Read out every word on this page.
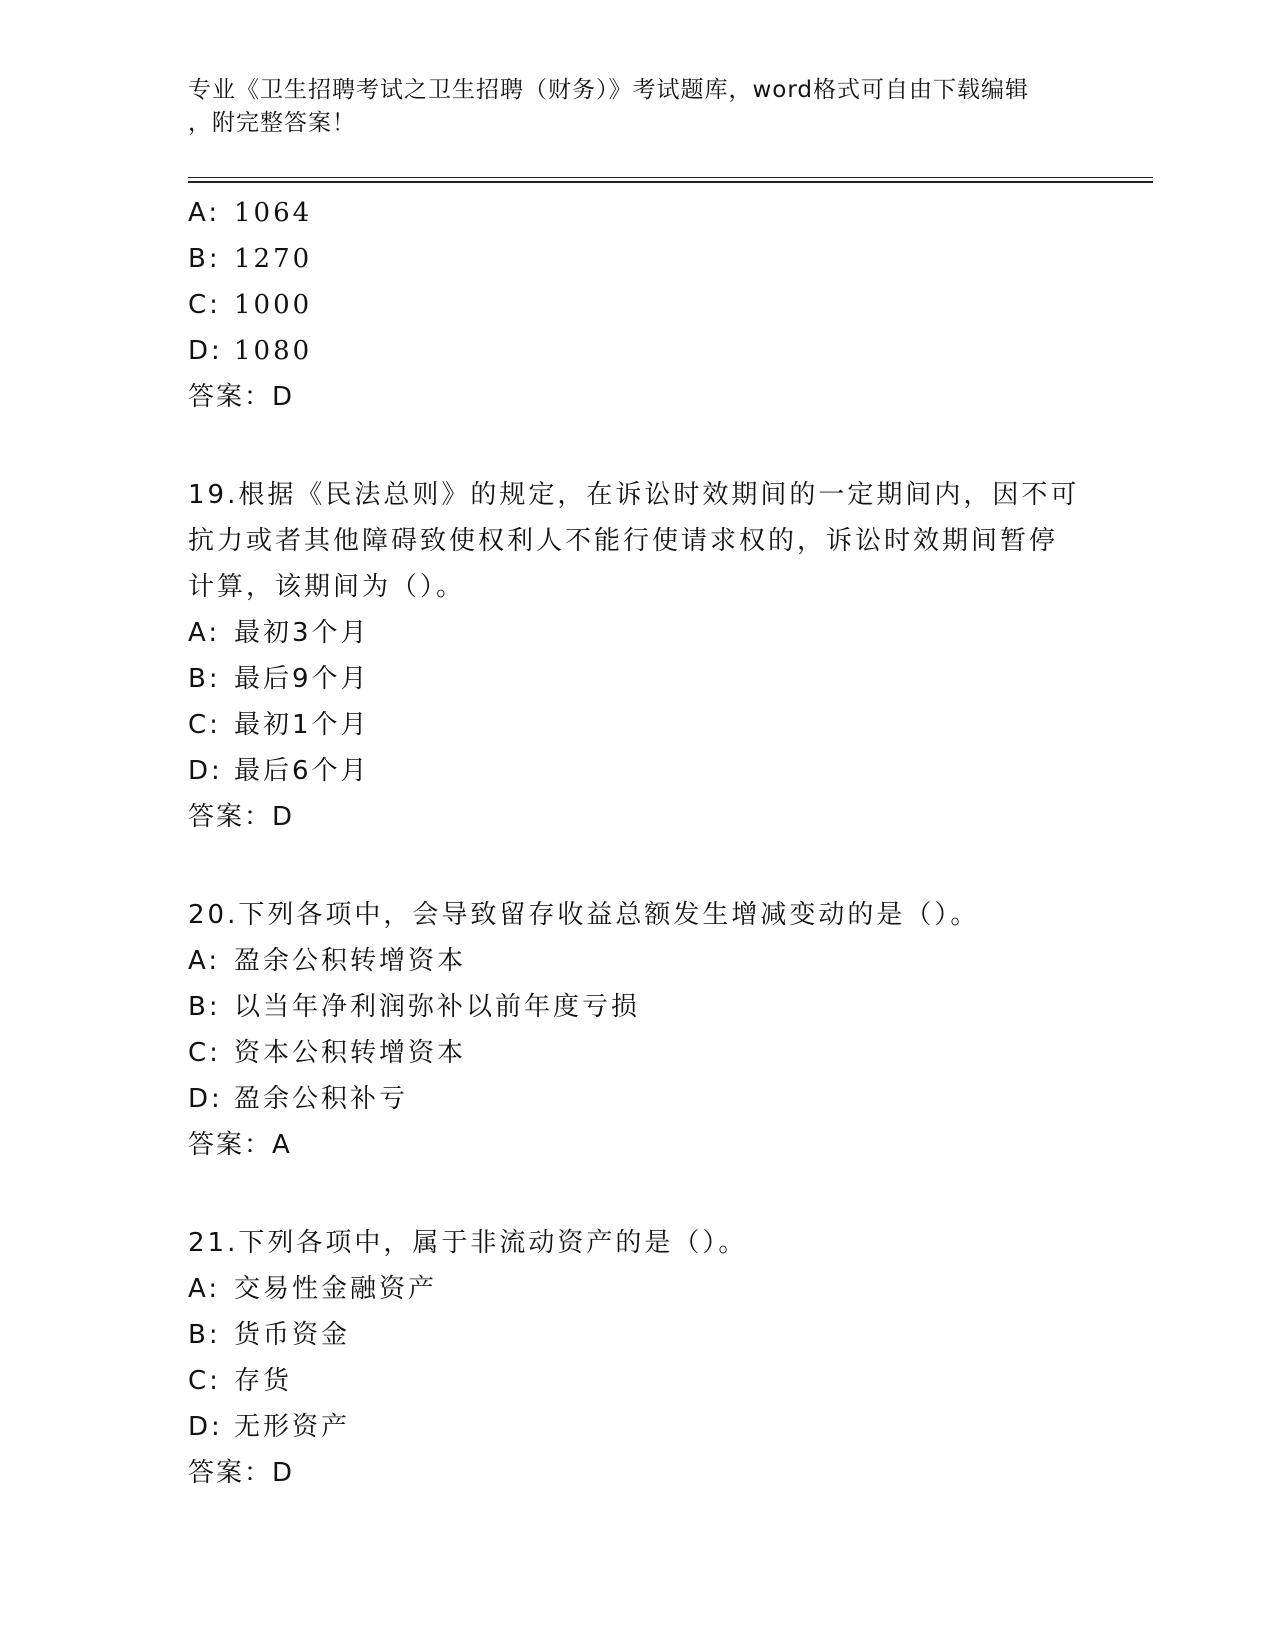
专业《卫生招聘考试之卫生招聘（财务）》考试题库，word格式可自由下载编辑
，附完整答案！
A: 1064
B: 1270
C: 1000
D: 1080
答案：D
19.根据《民法总则》的规定，在诉讼时效期间的一定期间内，因不可
抗力或者其他障碍致使权利人不能行使请求权的，诉讼时效期间暂停
计算，该期间为（）。
A: 最初3个月
B: 最后9个月
C: 最初1个月
D: 最后6个月
答案：D
20.下列各项中，会导致留存收益总额发生增减变动的是（）。
A: 盈余公积转增资本
B: 以当年净利润弥补以前年度亏损
C: 资本公积转增资本
D: 盈余公积补亏
答案：A
21.下列各项中，属于非流动资产的是（）。
A: 交易性金融资产
B: 货币资金
C: 存货
D: 无形资产
答案：D
